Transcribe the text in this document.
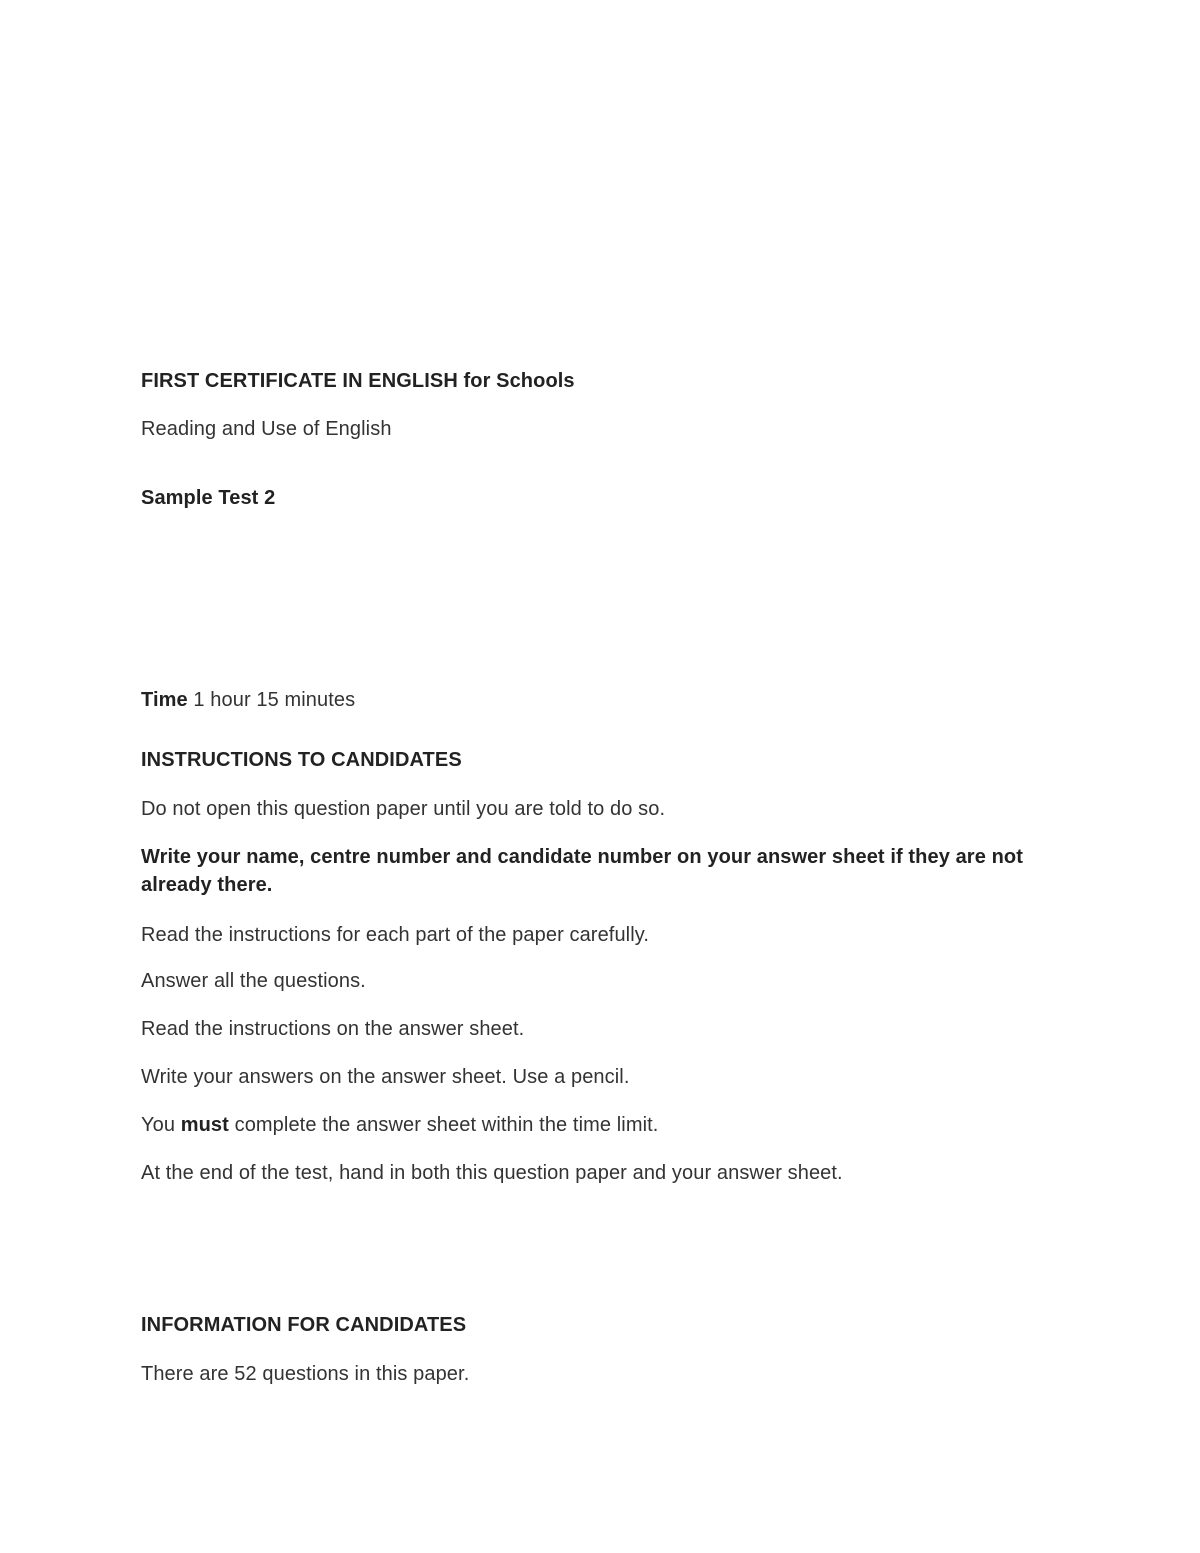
FIRST CERTIFICATE IN ENGLISH for Schools
Reading and Use of English
Sample Test 2
Time 1 hour 15 minutes
INSTRUCTIONS TO CANDIDATES
Do not open this question paper until you are told to do so.
Write your name, centre number and candidate number on your answer sheet if they are not already there.
Read the instructions for each part of the paper carefully.
Answer all the questions.
Read the instructions on the answer sheet.
Write your answers on the answer sheet. Use a pencil.
You must complete the answer sheet within the time limit.
At the end of the test, hand in both this question paper and your answer sheet.
INFORMATION FOR CANDIDATES
There are 52 questions in this paper.
